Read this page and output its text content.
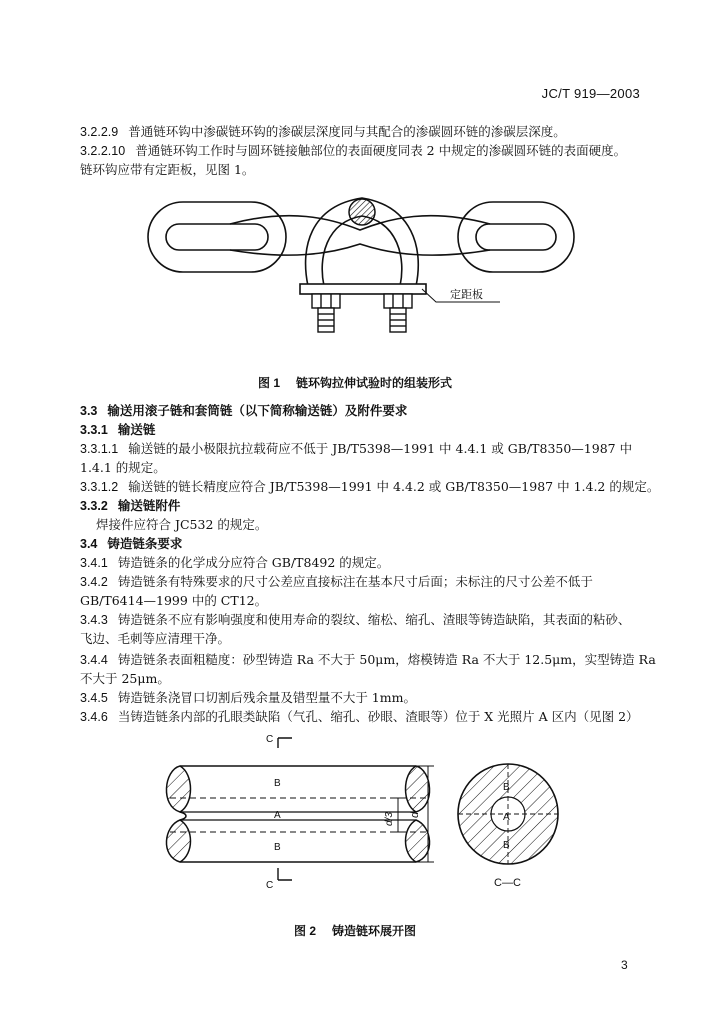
JC/T 919—2003
3.2.2.9 普通链环钩中渗碳链环钩的渗碳层深度同与其配合的渗碳圆环链的渗碳层深度。
3.2.2.10 普通链环钩工作时与圆环链接触部位的表面硬度同表 2 中规定的渗碳圆环链的表面硬度。
链环钩应带有定距板，见图 1。
定距板
图 1 链环钩拉伸试验时的组装形式
3.3 输送用滚子链和套筒链（以下简称输送链）及附件要求
3.3.1 输送链
3.3.1.1 输送链的最小极限抗拉载荷应不低于 JB/T5398—1991 中 4.4.1 或 GB/T8350—1987 中
1.4.1 的规定。
3.3.1.2 输送链的链长精度应符合 JB/T5398—1991 中 4.4.2 或 GB/T8350—1987 中 1.4.2 的规定。
3.3.2 输送链附件
焊接件应符合 JC532 的规定。
3.4 铸造链条要求
3.4.1 铸造链条的化学成分应符合 GB/T8492 的规定。
3.4.2 铸造链条有特殊要求的尺寸公差应直接标注在基本尺寸后面；未标注的尺寸公差不低于
GB/T6414—1999 中的 CT12。
3.4.3 铸造链条不应有影响强度和使用寿命的裂纹、缩松、缩孔、渣眼等铸造缺陷，其表面的粘砂、
飞边、毛刺等应清理干净。
3.4.4 铸造链条表面粗糙度：砂型铸造 Ra 不大于 50μm，熔模铸造 Ra 不大于 12.5μm，实型铸造 Ra
不大于 25μm。
3.4.5 铸造链条浇冒口切割后残余量及错型量不大于 1mm。
3.4.6 当铸造链条内部的孔眼类缺陷（气孔、缩孔、砂眼、渣眼等）位于 X 光照片 A 区内（见图 2）
C
C
B
A
B
d
d/3
B
A
B
C—C
图 2 铸造链环展开图
3
